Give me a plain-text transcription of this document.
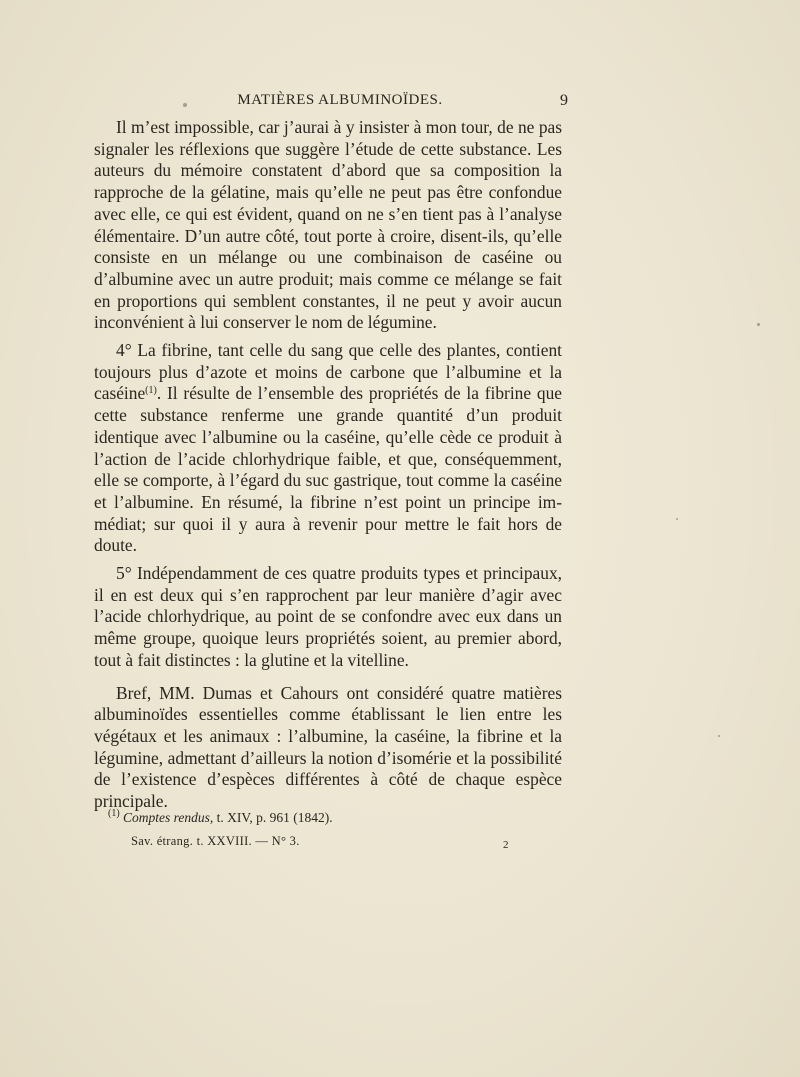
MATIÈRES ALBUMINOÏDES.	9

Il m’est impossible, car j’aurai à y insister à mon tour, de ne pas signaler les réflexions que suggère l’étude de cette substance. Les auteurs du mémoire constatent d’abord que sa composition la rapproche de la gélatine, mais qu’elle ne peut pas être confondue avec elle, ce qui est évident, quand on ne s’en tient pas à l’analyse élémentaire. D’un autre côté, tout porte à croire, disent-ils, qu’elle consiste en un mélange ou une combinaison de caséine ou d’albumine avec un autre produit; mais comme ce mélange se fait en proportions qui semblent constantes, il ne peut y avoir aucun inconvénient à lui conserver le nom de légumine.

4° La fibrine, tant celle du sang que celle des plantes, contient toujours plus d’azote et moins de carbone que l’albumine et la caséine$^{(1)}$. Il résulte de l’ensemble des propriétés de la fibrine que cette substance renferme une grande quantité d’un produit identique avec l’albumine ou la caséine, qu’elle cède ce produit à l’action de l’acide chlorhydrique faible, et que, conséquemment, elle se comporte, à l’égard du suc gastrique, tout comme la caséine et l’albumine. En résumé, la fibrine n’est point un principe immédiat; sur quoi il y aura à revenir pour mettre le fait hors de doute.

5° Indépendamment de ces quatre produits types et principaux, il en est deux qui s’en rapprochent par leur manière d’agir avec l’acide chlorhydrique, au point de se confondre avec eux dans un même groupe, quoique leurs propriétés soient, au premier abord, tout à fait distinctes : la glutine et la vitelline.

Bref, MM. Dumas et Cahours ont considéré quatre matières albuminoïdes essentielles comme établissant le lien entre les végétaux et les animaux : l’albumine, la caséine, la fibrine et la légumine, admettant d’ailleurs la notion d’isomérie et la possibilité de l’existence d’espèces différentes à côté de chaque espèce principale.

$^{(1)}$ Comptes rendus, t. XIV, p. 961 (1842).
Sav. étrang. t. XXVIII. — N° 3.	2
